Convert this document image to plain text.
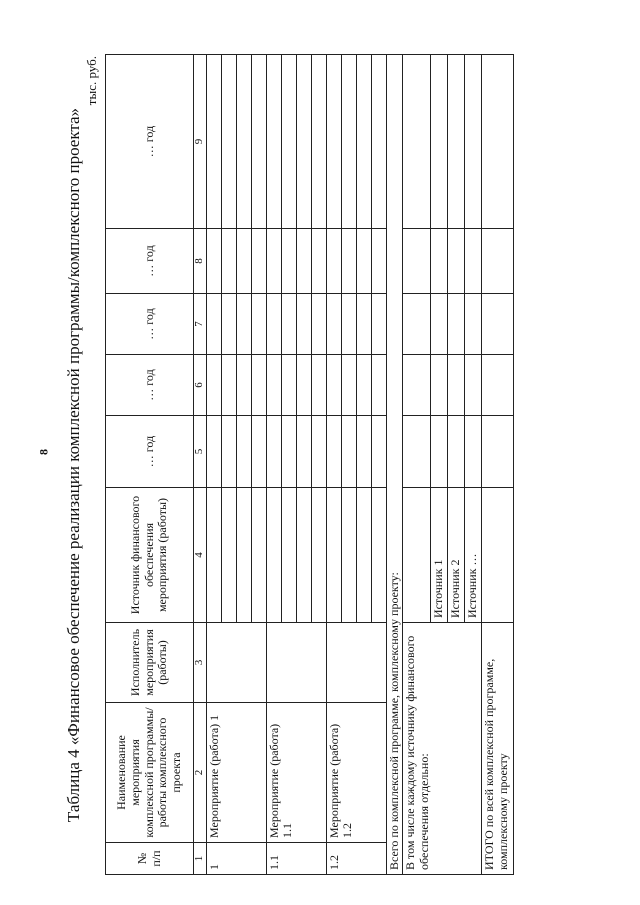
8 Таблица 4 «Финансовое обеспечение реализации комплексной программы/комплексного проекта»
тыс. руб.
№ п/п	Наименование мероприятия комплексной программы/работы комплексного проекта	Исполнитель мероприятия (работы)	Источник финансового обеспечения мероприятия (работы)	… год	… год	… год	… год	… год
1	2	3	4	5	6	7	8	9
1	Мероприятие (работа) 1							

1.1	Мероприятие (работа) 1.1							

1.2	Мероприятие (работа) 1.2							

Всего по комплексной программе, комплексному проекту:								
В том числе каждому источнику финансового обеспечения отдельно:								
			Источник 1					
			Источник 2					
			Источник …					
ИТОГО по всей комплексной программе, комплексному проекту								
